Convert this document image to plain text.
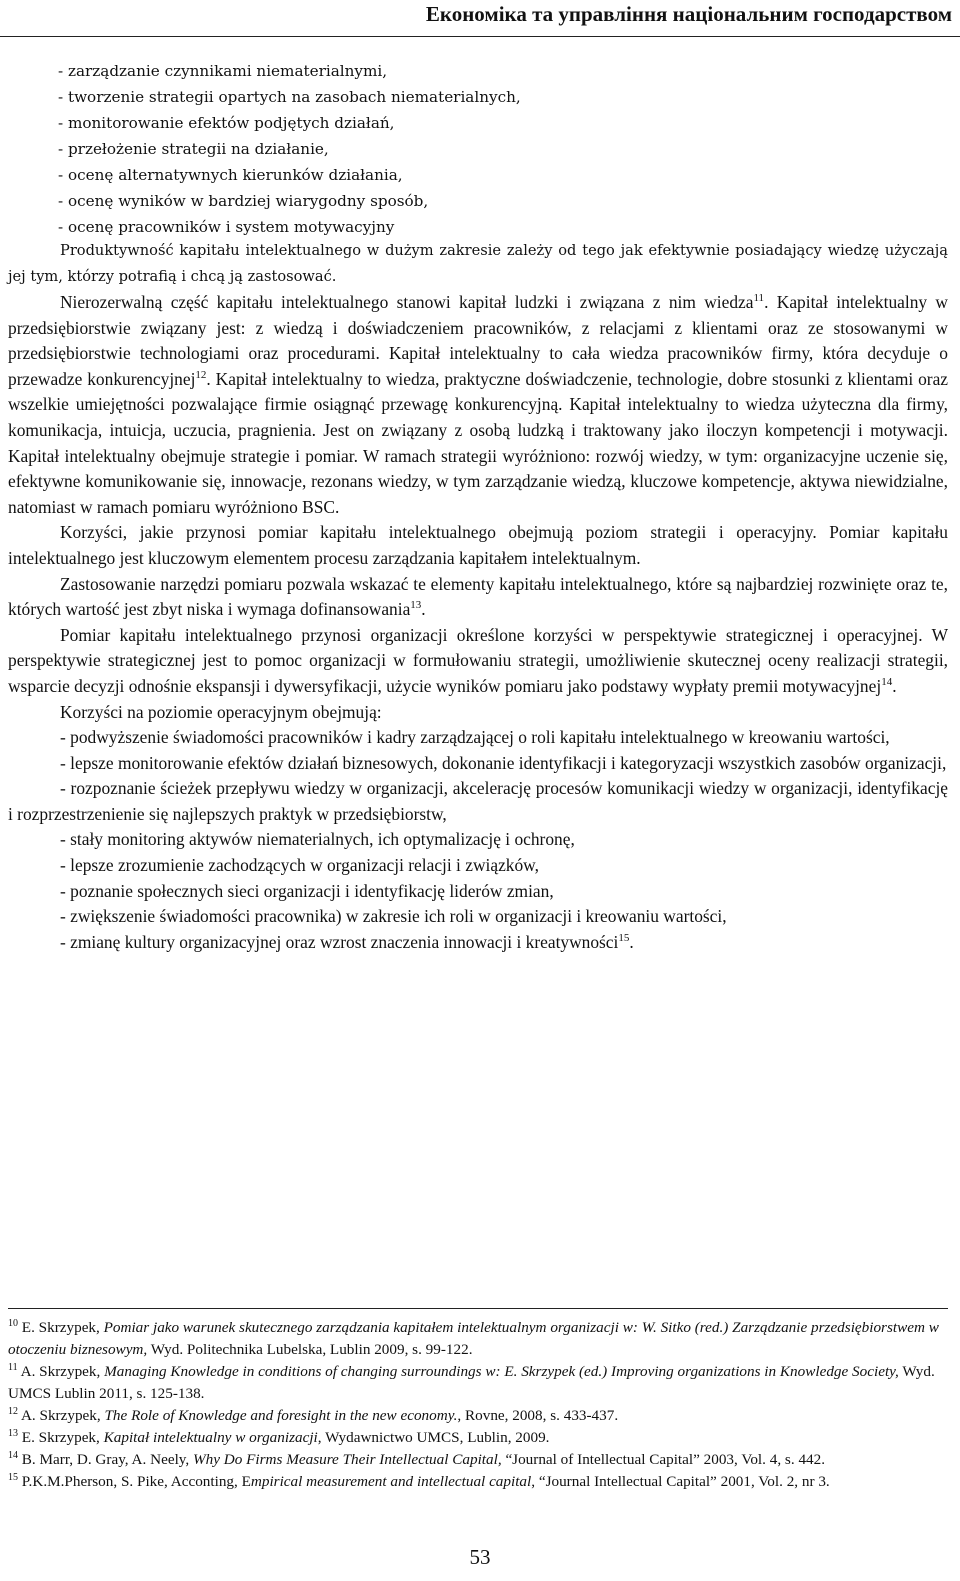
Економіка та управління національним господарством
- zarządzanie czynnikami niematerialnymi,
- tworzenie strategii opartych na zasobach niematerialnych,
- monitorowanie efektów podjętych działań,
- przełożenie strategii na działanie,
- ocenę alternatywnych kierunków działania,
- ocenę wyników w bardziej wiarygodny sposób,
- ocenę pracowników i system motywacyjny

Produktywność kapitału intelektualnego w dużym zakresie zależy od tego jak efektywnie posiadający wiedzę użyczają jej tym, którzy potrafią i chcą ją zastosować.

Nierozerwalną część kapitału intelektualnego stanowi kapitał ludzki i związana z nim wiedza$^{11}$. Kapitał intelektualny w przedsiębiorstwie związany jest: z wiedzą i doświadczeniem pracowników, z relacjami z klientami oraz ze stosowanymi w przedsiębiorstwie technologiami oraz procedurami. Kapitał intelektualny to cała wiedza pracowników firmy, która decyduje o przewadze konkurencyjnej$^{12}$. Kapitał intelektualny to wiedza, praktyczne doświadczenie, technologie, dobre stosunki z klientami oraz wszelkie umiejętności pozwalające firmie osiągnąć przewagę konkurencyjną. Kapitał intelektualny to wiedza użyteczna dla firmy, komunikacja, intuicja, uczucia, pragnienia. Jest on związany z osobą ludzką i traktowany jako iloczyn kompetencji i motywacji. Kapitał intelektualny obejmuje strategie i pomiar. W ramach strategii wyróżniono: rozwój wiedzy, w tym: organizacyjne uczenie się, efektywne komunikowanie się, innowacje, rezonans wiedzy, w tym zarządzanie wiedzą, kluczowe kompetencje, aktywa niewidzialne, natomiast w ramach pomiaru wyróżniono BSC.

Korzyści, jakie przynosi pomiar kapitału intelektualnego obejmują poziom strategii i operacyjny. Pomiar kapitału intelektualnego jest kluczowym elementem procesu zarządzania kapitałem intelektualnym.

Zastosowanie narzędzi pomiaru pozwala wskazać te elementy kapitału intelektualnego, które są najbardziej rozwinięte oraz te, których wartość jest zbyt niska i wymaga dofinansowania$^{13}$.

Pomiar kapitału intelektualnego przynosi organizacji określone korzyści w perspektywie strategicznej i operacyjnej. W perspektywie strategicznej jest to pomoc organizacji w formułowaniu strategii, umożliwienie skutecznej oceny realizacji strategii, wsparcie decyzji odnośnie ekspansji i dywersyfikacji, użycie wyników pomiaru jako podstawy wypłaty premii motywacyjnej$^{14}$.

Korzyści na poziomie operacyjnym obejmują:

- podwyższenie świadomości pracowników i kadry zarządzającej o roli kapitału intelektualnego w kreowaniu wartości,

- lepsze monitorowanie efektów działań biznesowych, dokonanie identyfikacji i kategoryzacji wszystkich zasobów organizacji,

- rozpoznanie ścieżek przepływu wiedzy w organizacji, akcelerację procesów komunikacji wiedzy w organizacji, identyfikację i rozprzestrzenienie się najlepszych praktyk w przedsiębiorstw,

- stały monitoring aktywów niematerialnych, ich optymalizację i ochronę,

- lepsze zrozumienie zachodzących w organizacji relacji i związków,

- poznanie społecznych sieci organizacji i identyfikację liderów zmian,

- zwiększenie świadomości pracownika) w zakresie ich roli w organizacji i kreowaniu wartości,

- zmianę kultury organizacyjnej oraz wzrost znaczenia innowacji i kreatywności$^{15}$.

$^{10}$ E. Skrzypek, Pomiar jako warunek skutecznego zarządzania kapitałem intelektualnym organizacji w: W. Sitko (red.) Zarządzanie przedsiębiorstwem w otoczeniu biznesowym, Wyd. Politechnika Lubelska, Lublin 2009, s. 99-122.

$^{11}$ A. Skrzypek, Managing Knowledge in conditions of changing surroundings w: E. Skrzypek (ed.) Improving organizations in Knowledge Society, Wyd. UMCS Lublin 2011, s. 125-138.

$^{12}$ A. Skrzypek, The Role of Knowledge and foresight in the new economy., Rovne, 2008, s. 433-437.

$^{13}$ E. Skrzypek, Kapitał intelektualny w organizacji, Wydawnictwo UMCS, Lublin, 2009.

$^{14}$ B. Marr, D. Gray, A. Neely, Why Do Firms Measure Their Intellectual Capital, “Journal of Intellectual Capital” 2003, Vol. 4, s. 442.

$^{15}$ P.K.M.Pherson, S. Pike, Acconting, Empirical measurement and intellectual capital, “Journal Intellectual Capital” 2001, Vol. 2, nr 3.

53
